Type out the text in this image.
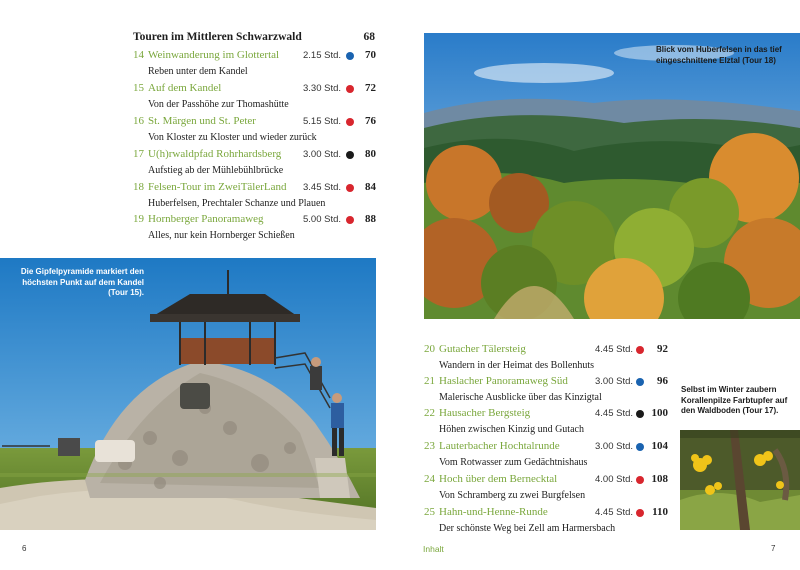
Touren im Mittleren Schwarzwald	68
14 Weinwanderung im Glottertal	2.15 Std.	70
Reben unter dem Kandel
15 Auf dem Kandel	3.30 Std.	72
Von der Passhöhe zur Thomashütte
16 St. Märgen und St. Peter	5.15 Std.	76
Von Kloster zu Kloster und wieder zurück
17 U(h)rwaldpfad Rohrhardsberg 3.00 Std.	80
Aufstieg ab der Mühlebühlbrücke
18 Felsen-Tour im ZweiTälerLand 3.45 Std.	84
Huberfelsen, Prechtaler Schanze und Plauen
19 Hornberger Panoramaweg	5.00 Std.	88
Alles, nur kein Hornberger Schießen
Die Gipfelpyramide markiert den höchsten Punkt auf dem Kandel (Tour 15).
Blick vom Huberfelsen in das tief eingeschnittene Elztal (Tour 18)
20 Gutacher Tälersteig	4.45 Std.	92
Wandern in der Heimat des Bollenhuts
21 Haslacher Panoramaweg Süd	3.00 Std.	96
Malerische Ausblicke über das Kinzigtal
22 Hausacher Bergsteig	4.45 Std.	100
Höhen zwischen Kinzig und Gutach
23 Lauterbacher Hochtalrunde	3.00 Std.	104
Vom Rotwasser zum Gedächtnishaus
24 Hoch über dem Bernecktal	4.00 Std.	108
Von Schramberg zu zwei Burgfelsen
25 Hahn-und-Henne-Runde	4.45 Std.	110
Der schönste Weg bei Zell am Harmersbach
Selbst im Winter zaubern Korallenpilze Farbtupfer auf den Waldboden (Tour 17).
6	Inhalt	7
